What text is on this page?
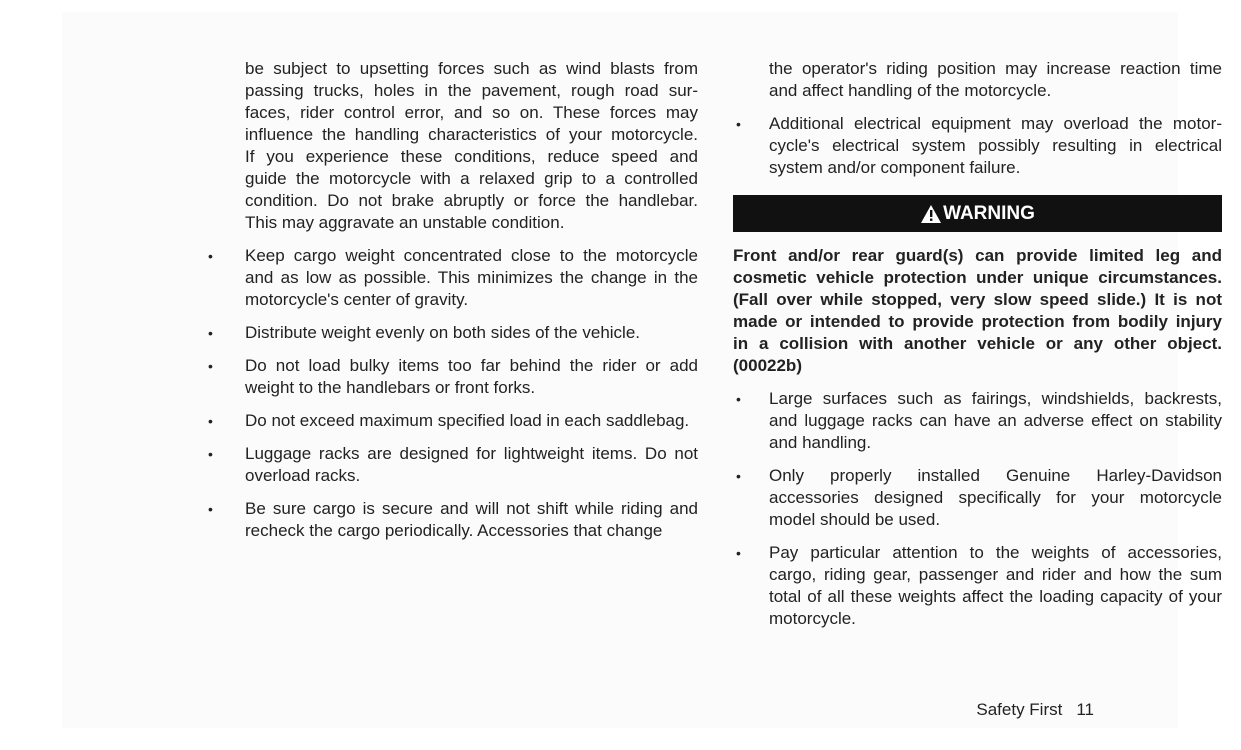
be subject to upsetting forces such as wind blasts from
passing trucks, holes in the pavement, rough road sur-
faces, rider control error, and so on. These forces may
influence the handling characteristics of your motorcycle.
If you experience these conditions, reduce speed and
guide the motorcycle with a relaxed grip to a controlled
condition. Do not brake abruptly or force the handlebar.
This may aggravate an unstable condition.
• Keep cargo weight concentrated close to the motorcycle
and as low as possible. This minimizes the change in the
motorcycle's center of gravity.
• Distribute weight evenly on both sides of the vehicle.
• Do not load bulky items too far behind the rider or add
weight to the handlebars or front forks.
• Do not exceed maximum specified load in each saddlebag.
• Luggage racks are designed for lightweight items. Do not
overload racks.
• Be sure cargo is secure and will not shift while riding and
recheck the cargo periodically. Accessories that change
the operator's riding position may increase reaction time
and affect handling of the motorcycle.
• Additional electrical equipment may overload the motor-
cycle's electrical system possibly resulting in electrical
system and/or component failure.
WARNING
Front and/or rear guard(s) can provide limited leg and
cosmetic vehicle protection under unique circumstances.
(Fall over while stopped, very slow speed slide.) It is not
made or intended to provide protection from bodily injury
in a collision with another vehicle or any other object.
(00022b)
• Large surfaces such as fairings, windshields, backrests,
and luggage racks can have an adverse effect on stability
and handling.
• Only properly installed Genuine Harley-Davidson
accessories designed specifically for your motorcycle
model should be used.
• Pay particular attention to the weights of accessories,
cargo, riding gear, passenger and rider and how the sum
total of all these weights affect the loading capacity of your
motorcycle.
Safety First 11
